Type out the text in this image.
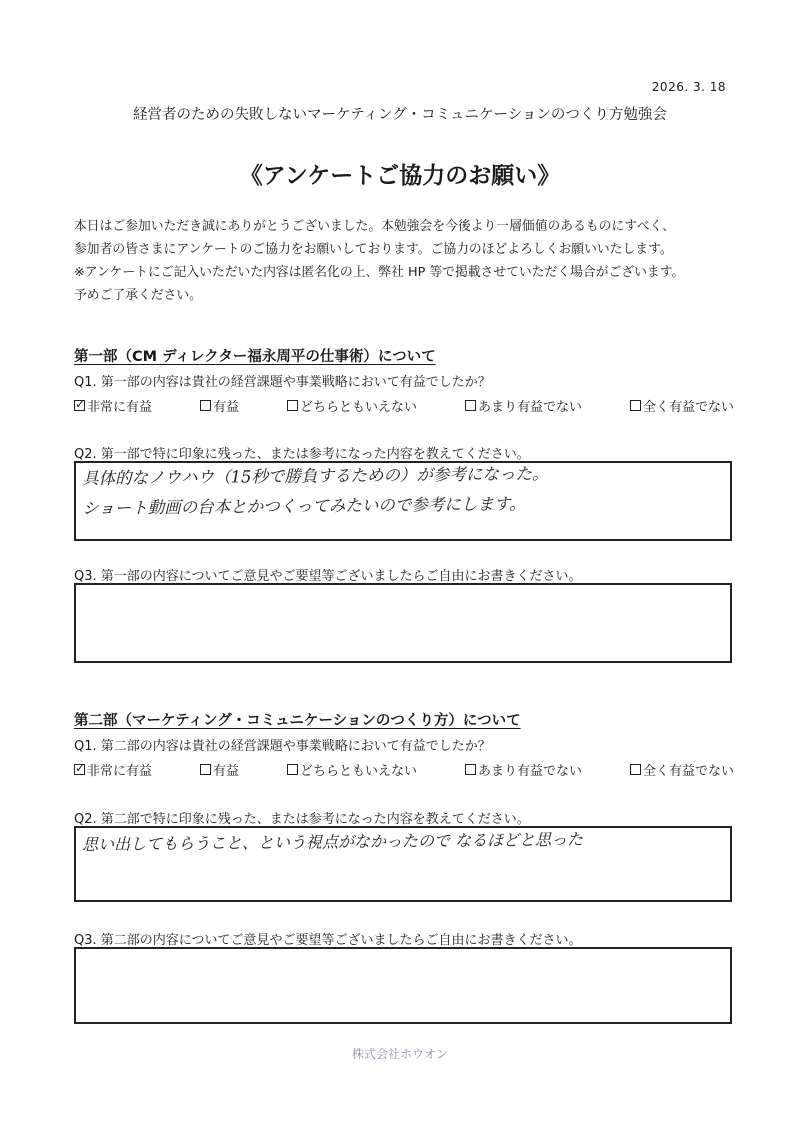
2026. 3. 18
経営者のための失敗しないマーケティング・コミュニケーションのつくり方勉強会
《アンケートご協力のお願い》
本日はご参加いただき誠にありがとうございました。本勉強会を今後より一層価値のあるものにすべく、
参加者の皆さまにアンケートのご協力をお願いしております。ご協力のほどよろしくお願いいたします。
※アンケートにご記入いただいた内容は匿名化の上、弊社 HP 等で掲載させていただく場合がございます。
予めご了承ください。
第一部（CM ディレクター福永周平の仕事術）について
Q1. 第一部の内容は貴社の経営課題や事業戦略において有益でしたか？
✓
非常に有益	有益	どちらともいえない	あまり有益でない	全く有益でない
Q2. 第一部で特に印象に残った、または参考になった内容を教えてください。
具体的なノウハウ（15秒で勝負するための）が参考になった。
ショート動画の台本とかつくってみたいので参考にします。
Q3. 第一部の内容についてご意見やご要望等ございましたらご自由にお書きください。
第二部（マーケティング・コミュニケーションのつくり方）について
Q1. 第二部の内容は貴社の経営課題や事業戦略において有益でしたか？
✓
非常に有益	有益	どちらともいえない	あまり有益でない	全く有益でない
Q2. 第二部で特に印象に残った、または参考になった内容を教えてください。
思い出してもらうこと、という視点がなかったので なるほどと思った
Q3. 第二部の内容についてご意見やご要望等ございましたらご自由にお書きください。
株式会社ホウオン
